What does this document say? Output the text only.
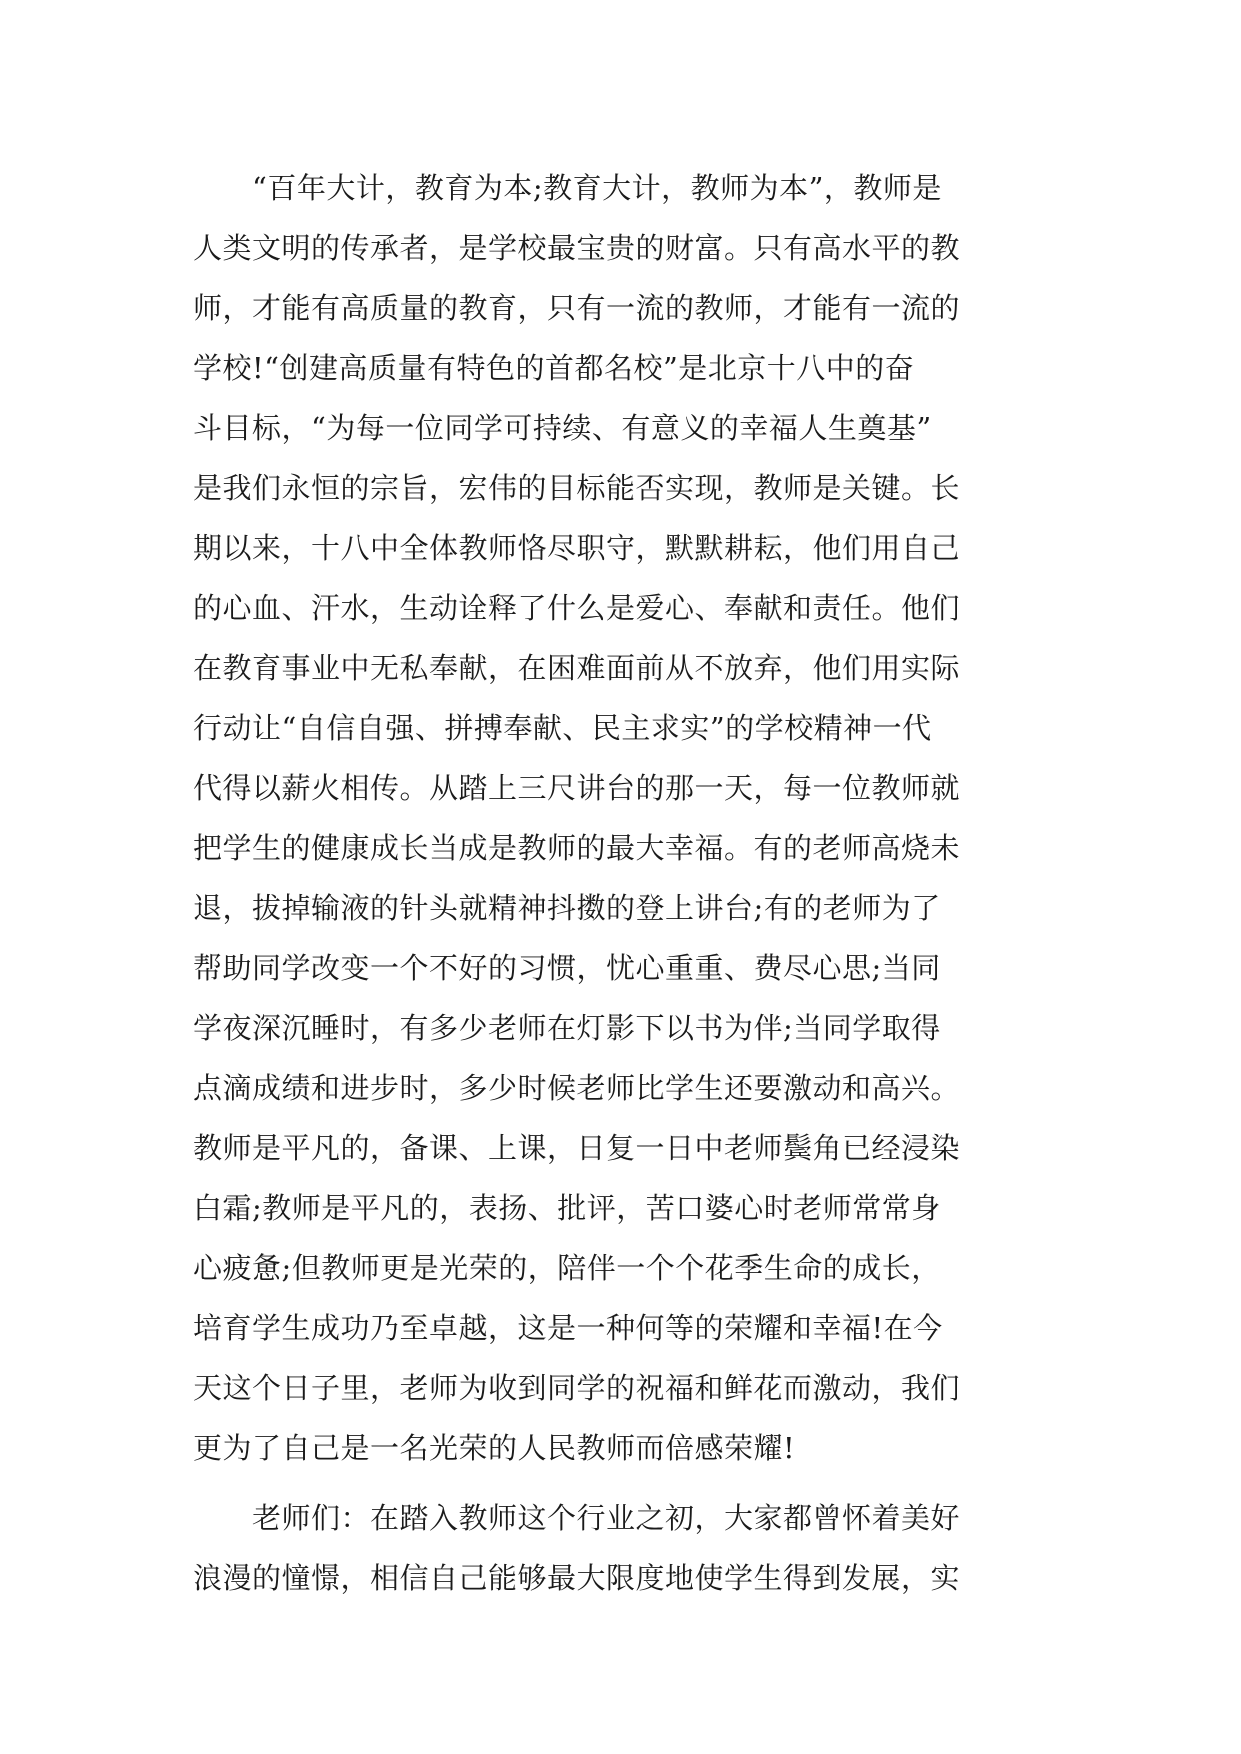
“百年大计，教育为本;教育大计，教师为本”，教师是
人类文明的传承者，是学校最宝贵的财富。只有高水平的教
师，才能有高质量的教育，只有一流的教师，才能有一流的
学校!“创建高质量有特色的首都名校”是北京十八中的奋
斗目标，“为每一位同学可持续、有意义的幸福人生奠基”
是我们永恒的宗旨，宏伟的目标能否实现，教师是关键。长
期以来，十八中全体教师恪尽职守，默默耕耘，他们用自己
的心血、汗水，生动诠释了什么是爱心、奉献和责任。他们
在教育事业中无私奉献，在困难面前从不放弃，他们用实际
行动让“自信自强、拼搏奉献、民主求实”的学校精神一代
代得以薪火相传。从踏上三尺讲台的那一天，每一位教师就
把学生的健康成长当成是教师的最大幸福。有的老师高烧未
退，拔掉输液的针头就精神抖擞的登上讲台;有的老师为了
帮助同学改变一个不好的习惯，忧心重重、费尽心思;当同
学夜深沉睡时，有多少老师在灯影下以书为伴;当同学取得
点滴成绩和进步时，多少时候老师比学生还要激动和高兴。
教师是平凡的，备课、上课，日复一日中老师鬓角已经浸染
白霜;教师是平凡的，表扬、批评，苦口婆心时老师常常身
心疲惫;但教师更是光荣的，陪伴一个个花季生命的成长，
培育学生成功乃至卓越，这是一种何等的荣耀和幸福!在今
天这个日子里，老师为收到同学的祝福和鲜花而激动，我们
更为了自己是一名光荣的人民教师而倍感荣耀!
老师们：在踏入教师这个行业之初，大家都曾怀着美好
浪漫的憧憬，相信自己能够最大限度地使学生得到发展，实
